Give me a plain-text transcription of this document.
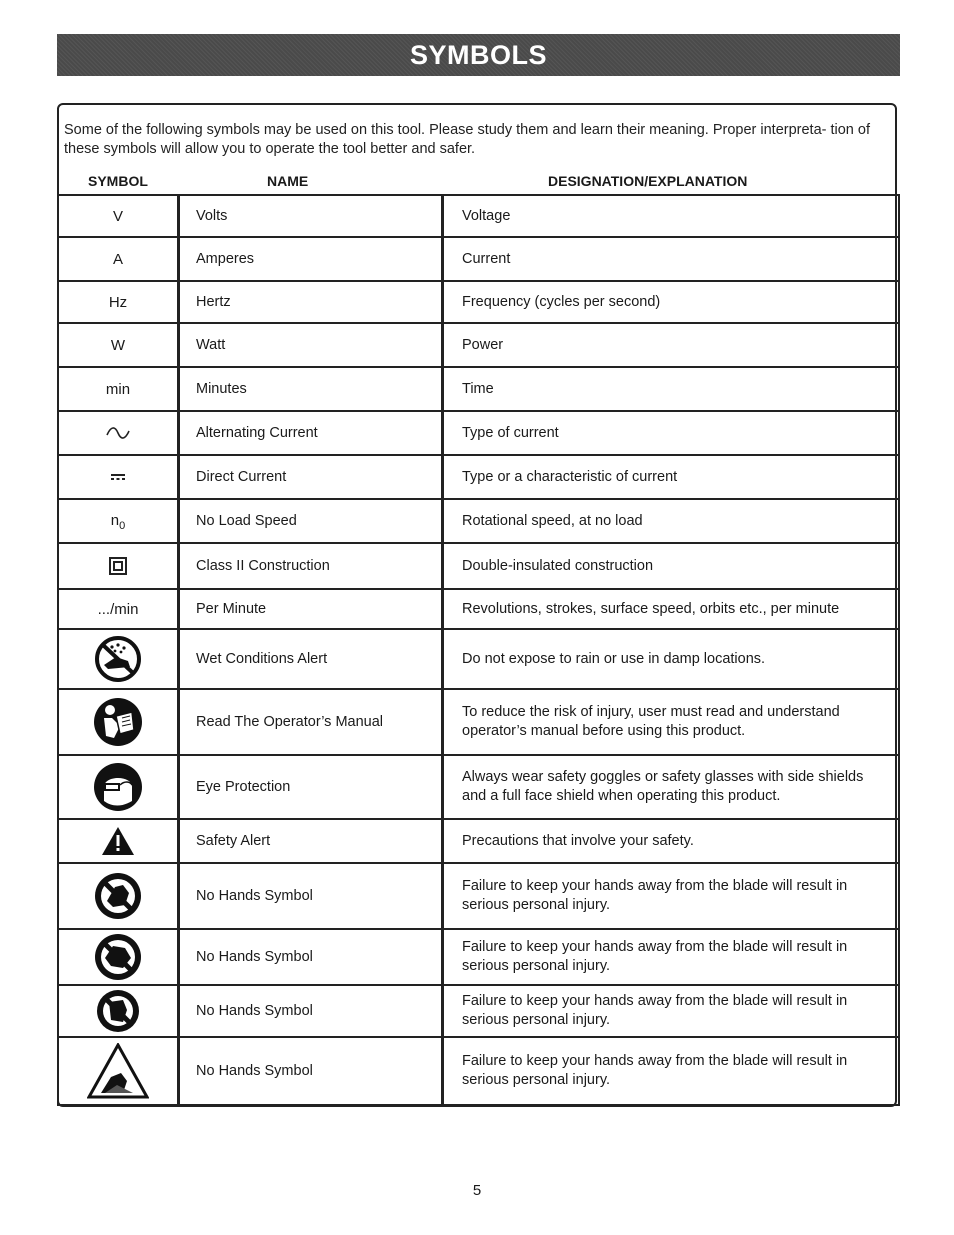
SYMBOLS
Some of the following symbols may be used on this tool. Please study them and learn their meaning. Proper interpreta- tion of these symbols will allow you to operate the tool better and safer.
SYMBOL	NAME	DESIGNATION/EXPLANATION
V	Volts	Voltage
A	Amperes	Current
Hz	Hertz	Frequency (cycles per second)
W	Watt	Power
min	Minutes	Time

	Alternating Current	Type of current

	Direct Current	Type or a characteristic of current
$n_0$	No Load Speed	Rotational speed, at no load

	Class II Construction	Double-insulated construction
.../min	Per Minute	Revolutions, strokes, surface speed, orbits etc., per minute

	Wet Conditions Alert	Do not expose to rain or use in damp locations.

	Read The Operator’s Manual	To reduce the risk of injury, user must read and understand operator’s manual before using this product.

	Eye Protection	Always wear safety goggles or safety glasses with side shields and a full face shield when operating this product.

	Safety Alert	Precautions that involve your safety.

	No Hands Symbol	Failure to keep your hands away from the blade will result in serious personal injury.

	No Hands Symbol	Failure to keep your hands away from the blade will result in serious personal injury.

	No Hands Symbol	Failure to keep your hands away from the blade will result in serious personal injury.

	No Hands Symbol	Failure to keep your hands away from the blade will result in serious personal injury.
5
